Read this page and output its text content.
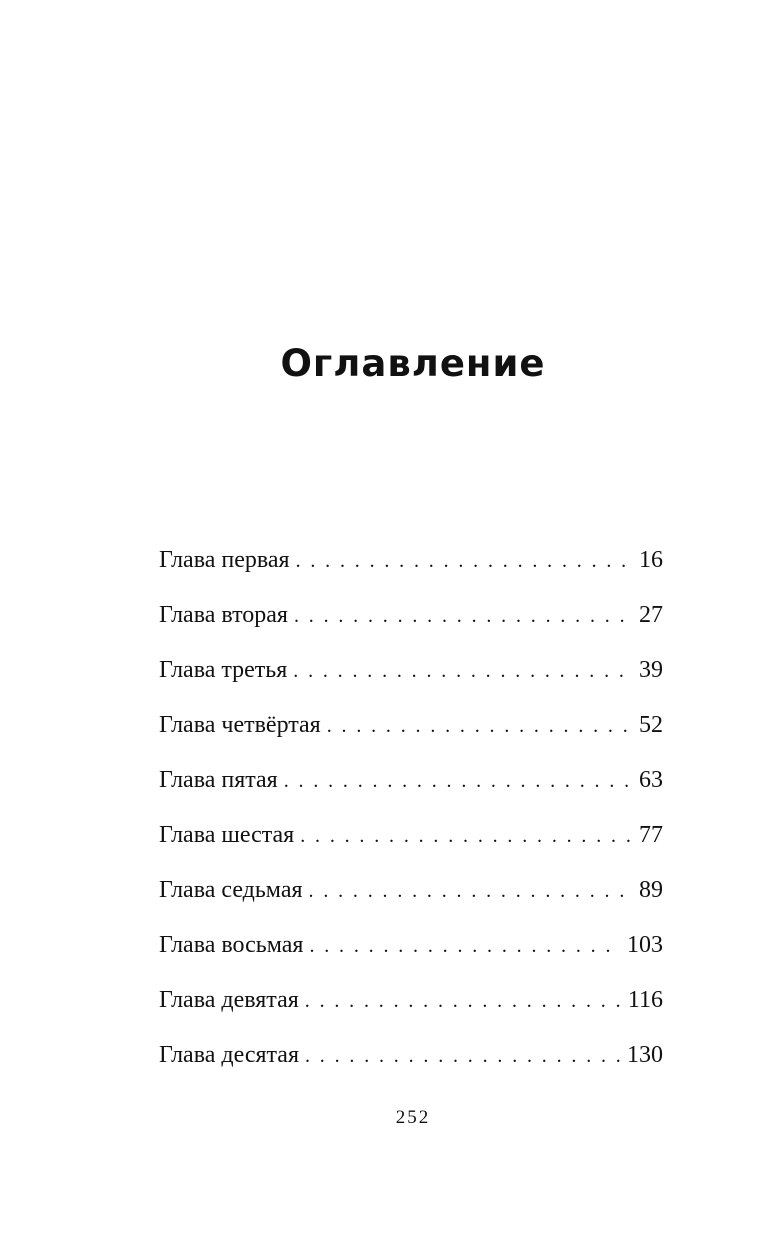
Оглавление
Глава первая . . .	16
Глава вторая . . .	27
Глава третья . . .	39
Глава четвёртая . . .	52
Глава пятая . . .	63
Глава шестая . . .	77
Глава седьмая . . .	89
Глава восьмая . . .	103
Глава девятая . . .	116
Глава десятая . . .	130
252
